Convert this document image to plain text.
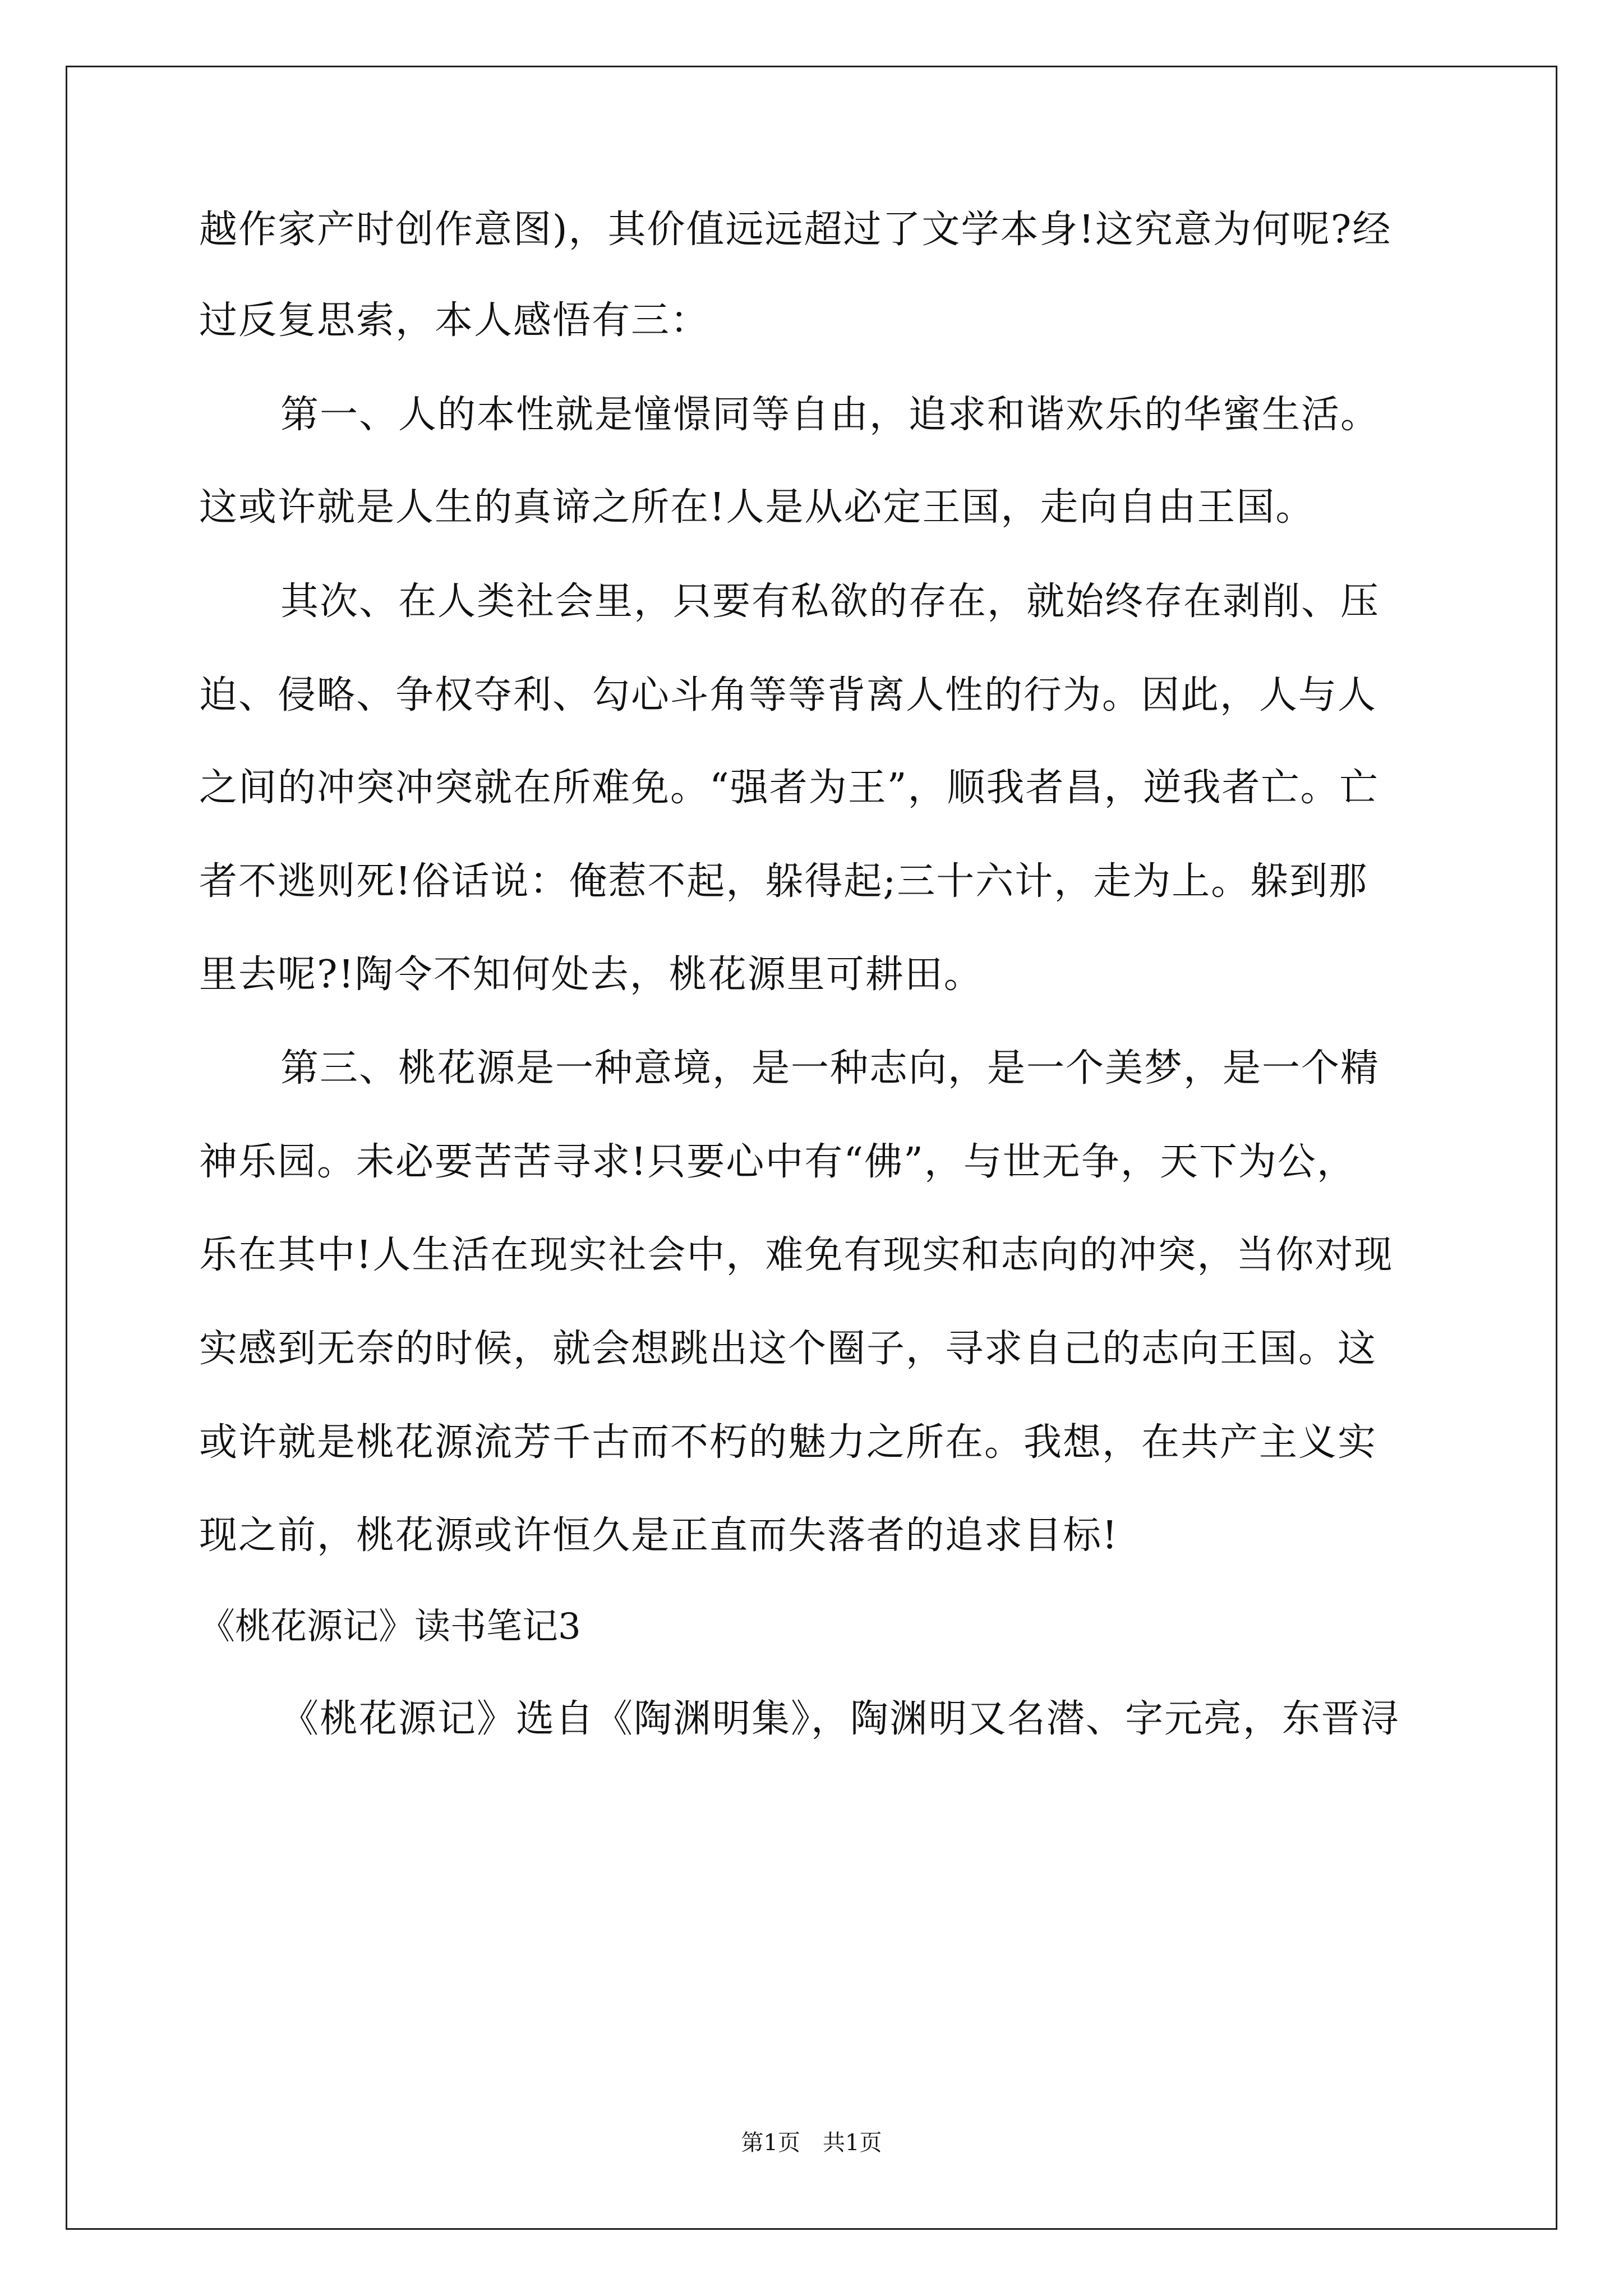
越作家产时创作意图)，其价值远远超过了文学本身!这究意为何呢?经
过反复思索，本人感悟有三：
第一、人的本性就是憧憬同等自由，追求和谐欢乐的华蜜生活。
这或许就是人生的真谛之所在!人是从必定王国，走向自由王国。
其次、在人类社会里，只要有私欲的存在，就始终存在剥削、压
迫、侵略、争权夺利、勾心斗角等等背离人性的行为。因此，人与人
之间的冲突冲突就在所难免。“强者为王”，顺我者昌，逆我者亡。亡
者不逃则死!俗话说：俺惹不起，躲得起;三十六计，走为上。躲到那
里去呢?!陶令不知何处去，桃花源里可耕田。
第三、桃花源是一种意境，是一种志向，是一个美梦，是一个精
神乐园。未必要苦苦寻求!只要心中有“佛”，与世无争，天下为公，
乐在其中!人生活在现实社会中，难免有现实和志向的冲突，当你对现
实感到无奈的时候，就会想跳出这个圈子，寻求自己的志向王国。这
或许就是桃花源流芳千古而不朽的魅力之所在。我想，在共产主义实
现之前，桃花源或许恒久是正直而失落者的追求目标!
《桃花源记》读书笔记3
《桃花源记》选自《陶渊明集》，陶渊明又名潜、字元亮，东晋浔
第1页　共1页
